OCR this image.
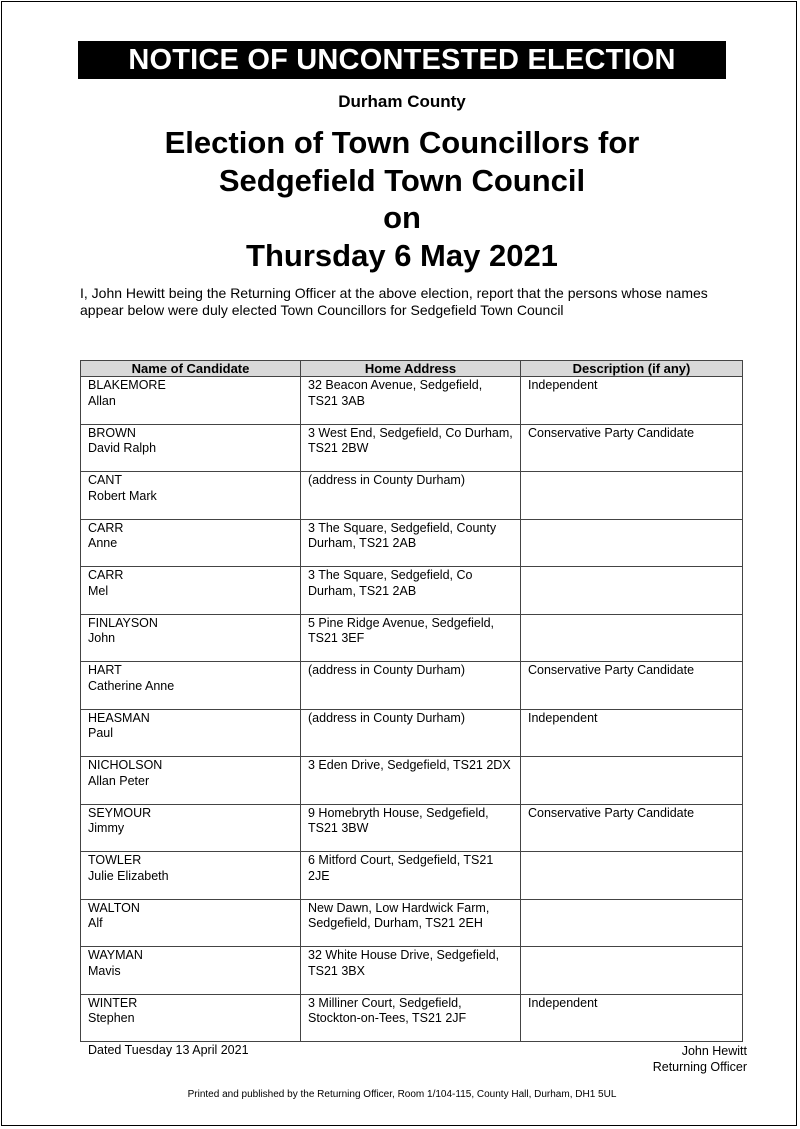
NOTICE OF UNCONTESTED ELECTION
Durham County
Election of Town Councillors for
Sedgefield Town Council
on
Thursday 6 May 2021
I, John Hewitt being the Returning Officer at the above election, report that the persons whose names appear below were duly elected Town Councillors for Sedgefield Town Council
Name of Candidate	Home Address	Description (if any)

BLAKEMORE
Allan	32 Beacon Avenue, Sedgefield, TS21 3AB	Independent

BROWN
David Ralph	3 West End, Sedgefield, Co Durham, TS21 2BW	Conservative Party Candidate

CANT
Robert Mark	(address in County Durham)	

CARR
Anne	3 The Square, Sedgefield, County Durham, TS21 2AB	

CARR
Mel	3 The Square, Sedgefield, Co Durham, TS21 2AB	

FINLAYSON
John	5 Pine Ridge Avenue, Sedgefield, TS21 3EF	

HART
Catherine Anne	(address in County Durham)	Conservative Party Candidate

HEASMAN
Paul	(address in County Durham)	Independent

NICHOLSON
Allan Peter	3 Eden Drive, Sedgefield, TS21 2DX	

SEYMOUR
Jimmy	9 Homebryth House, Sedgefield, TS21 3BW	Conservative Party Candidate

TOWLER
Julie Elizabeth	6 Mitford Court, Sedgefield, TS21 2JE	

WALTON
Alf	New Dawn, Low Hardwick Farm, Sedgefield, Durham, TS21 2EH	

WAYMAN
Mavis	32 White House Drive, Sedgefield, TS21 3BX	

WINTER
Stephen	3 Milliner Court, Sedgefield, Stockton-on-Tees, TS21 2JF	Independent
Dated Tuesday 13 April 2021	John Hewitt
Returning Officer
Printed and published by the Returning Officer, Room 1/104-115, County Hall, Durham, DH1 5UL
